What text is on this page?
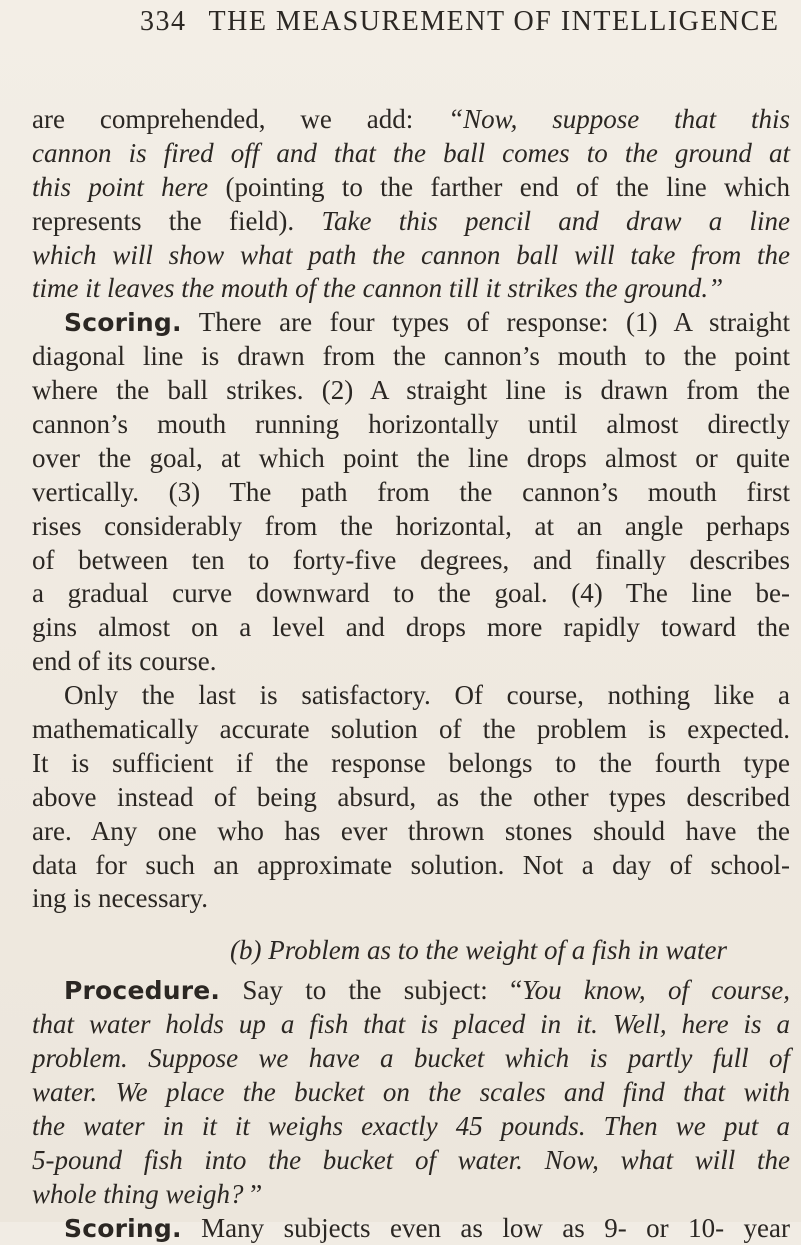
334 THE MEASUREMENT OF INTELLIGENCE
are comprehended, we add: “Now, suppose that this
cannon is fired off and that the ball comes to the ground at
this point here (pointing to the farther end of the line which
represents the field). Take this pencil and draw a line
which will show what path the cannon ball will take from the
time it leaves the mouth of the cannon till it strikes the ground.”
Scoring. There are four types of response: (1) A straight
diagonal line is drawn from the cannon’s mouth to the point
where the ball strikes. (2) A straight line is drawn from the
cannon’s mouth running horizontally until almost directly
over the goal, at which point the line drops almost or quite
vertically. (3) The path from the cannon’s mouth first
rises considerably from the horizontal, at an angle perhaps
of between ten to forty-five degrees, and finally describes
a gradual curve downward to the goal. (4) The line be-
gins almost on a level and drops more rapidly toward the
end of its course.
Only the last is satisfactory. Of course, nothing like a
mathematically accurate solution of the problem is expected.
It is sufficient if the response belongs to the fourth type
above instead of being absurd, as the other types described
are. Any one who has ever thrown stones should have the
data for such an approximate solution. Not a day of school-
ing is necessary.
(b) Problem as to the weight of a fish in water
Procedure. Say to the subject: “You know, of course,
that water holds up a fish that is placed in it. Well, here is a
problem. Suppose we have a bucket which is partly full of
water. We place the bucket on the scales and find that with
the water in it it weighs exactly 45 pounds. Then we put a
5-pound fish into the bucket of water. Now, what will the
whole thing weigh? ”
Scoring. Many subjects even as low as 9- or 10- year
